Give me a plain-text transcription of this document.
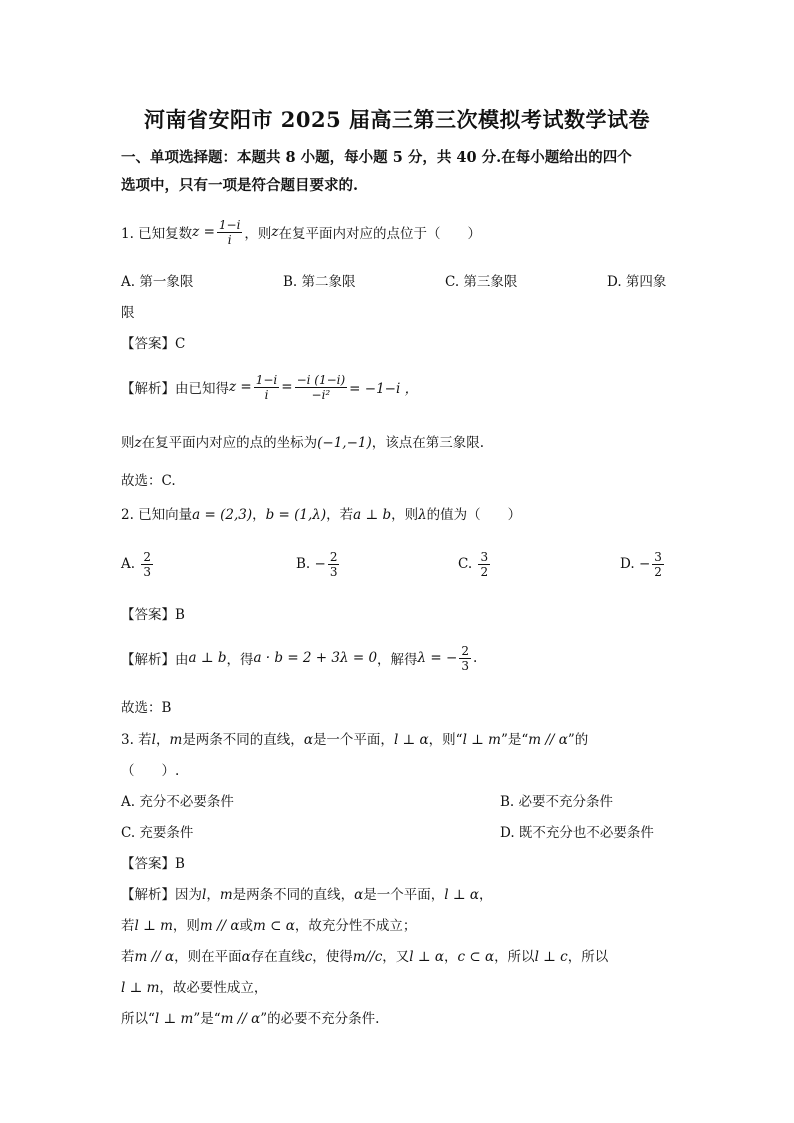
河南省安阳市 2025 届高三第三次模拟考试数学试卷
一、单项选择题：本题共 8 小题，每小题 5 分，共 40 分.在每小题给出的四个
选项中，只有一项是符合题目要求的.
1. 已知复数 $z = \frac{1-i}{i}$ ，则 z 在复平面内对应的点位于（　　）
A. 第一象限	B. 第二象限	C. 第三象限	D. 第四象
限
【答案】C
【解析】由已知得 $z = \frac{1-i}{i} = \frac{-i (1-i)}{\text{−i²}} = -1-i$ ，
则z在复平面内对应的点的坐标为(−1,−1)，该点在第三象限.
故选：C.
2. 已知向量a = (2,3)，b = (1,λ)，若a ⊥ b，则λ的值为（　　）
A.
$\frac{2}{3}$	B.
− $\frac{2}{3}$	C.
$\frac{3}{2}$	D.
− $\frac{3}{2}$
【答案】B
【解析】由 a ⊥ b ，得 a · b = 2 + 3λ = 0 ，解得 λ = − $\frac{2}{3}$ .
故选：B
3. 若l，m是两条不同的直线，α是一个平面，l ⊥ α，则“l ⊥ m”是“m // α”的
（　　）.
A. 充分不必要条件	B. 必要不充分条件
C. 充要条件	D. 既不充分也不必要条件
【答案】B
【解析】因为l，m是两条不同的直线，α是一个平面，l ⊥ α，
若l ⊥ m，则m // α或m ⊂ α，故充分性不成立；
若m // α，则在平面α存在直线c，使得m//c，又l ⊥ α，c ⊂ α，所以l ⊥ c，所以
l ⊥ m，故必要性成立，
所以“l ⊥ m”是“m // α”的必要不充分条件.
